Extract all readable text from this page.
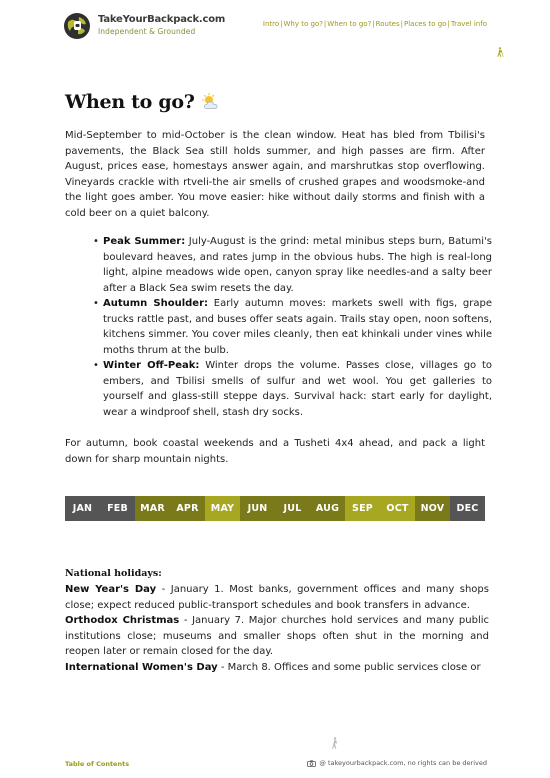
TakeYourBackpack.com
Independent & Grounded
Intro | Why to go? | When to go? | Routes | Places to go | Travel info
When to go?
Mid-September to mid-October is the clean window. Heat has bled from Tbilisi's pavements, the Black Sea still holds summer, and high passes are firm. After August, prices ease, homestays answer again, and marshrutkas stop overflowing. Vineyards crackle with rtveli-the air smells of crushed grapes and woodsmoke-and the light goes amber. You move easier: hike without daily storms and finish with a cold beer on a quiet balcony.
• Peak Summer: July-August is the grind: metal minibus steps burn, Batumi's boulevard heaves, and rates jump in the obvious hubs. The high is real-long light, alpine meadows wide open, canyon spray like needles-and a salty beer after a Black Sea swim resets the day.
• Autumn Shoulder: Early autumn moves: markets swell with figs, grape trucks rattle past, and buses offer seats again. Trails stay open, noon softens, kitchens simmer. You cover miles cleanly, then eat khinkali under vines while moths thrum at the bulb.
• Winter Off-Peak: Winter drops the volume. Passes close, villages go to embers, and Tbilisi smells of sulfur and wet wool. You get galleries to yourself and glass-still steppe days. Survival hack: start early for daylight, wear a windproof shell, stash dry socks.
For autumn, book coastal weekends and a Tusheti 4x4 ahead, and pack a light down for sharp mountain nights.
JAN	FEB	MAR	APR	MAY	JUN	JUL	AUG	SEP	OCT	NOV	DEC
National holidays:

New Year's Day - January 1. Most banks, government offices and many shops close; expect reduced public-transport schedules and book transfers in advance.

Orthodox Christmas - January 7. Major churches hold services and many public institutions close; museums and smaller shops often shut in the morning and reopen later or remain closed for the day.

International Women's Day - March 8. Offices and some public services close or

Table of Contents	@ takeyourbackpack.com, no rights can be derived
